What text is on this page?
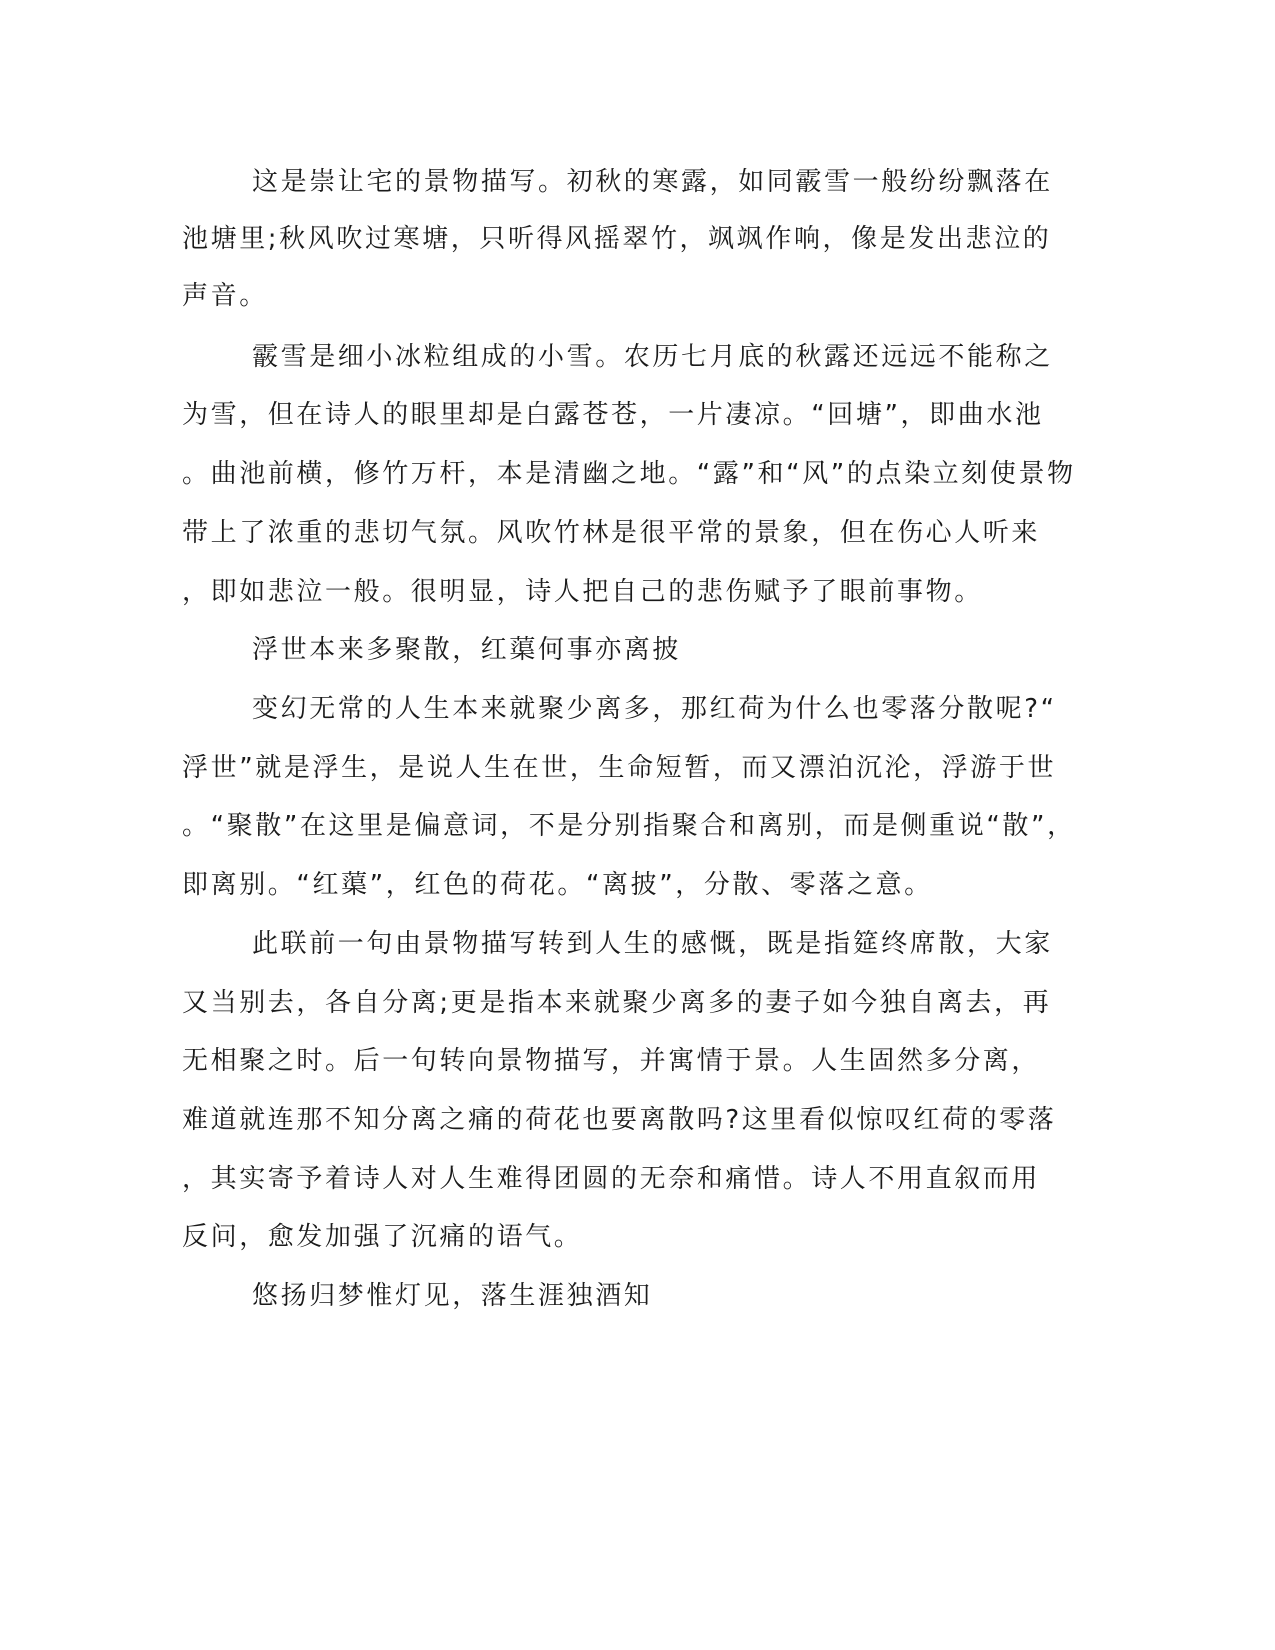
这是崇让宅的景物描写。初秋的寒露，如同霰雪一般纷纷飘落在
池塘里;秋风吹过寒塘，只听得风摇翠竹，飒飒作响，像是发出悲泣的
声音。
霰雪是细小冰粒组成的小雪。农历七月底的秋露还远远不能称之
为雪，但在诗人的眼里却是白露苍苍，一片凄凉。“回塘”，即曲水池
。曲池前横，修竹万杆，本是清幽之地。“露”和“风”的点染立刻使景物
带上了浓重的悲切气氛。风吹竹林是很平常的景象，但在伤心人听来
，即如悲泣一般。很明显，诗人把自己的悲伤赋予了眼前事物。
浮世本来多聚散，红蕖何事亦离披
变幻无常的人生本来就聚少离多，那红荷为什么也零落分散呢?“
浮世”就是浮生，是说人生在世，生命短暂，而又漂泊沉沦，浮游于世
。“聚散”在这里是偏意词，不是分别指聚合和离别，而是侧重说“散”，
即离别。“红蕖”，红色的荷花。“离披”，分散、零落之意。
此联前一句由景物描写转到人生的感慨，既是指筵终席散，大家
又当别去，各自分离;更是指本来就聚少离多的妻子如今独自离去，再
无相聚之时。后一句转向景物描写，并寓情于景。人生固然多分离，
难道就连那不知分离之痛的荷花也要离散吗?这里看似惊叹红荷的零落
，其实寄予着诗人对人生难得团圆的无奈和痛惜。诗人不用直叙而用
反问，愈发加强了沉痛的语气。
悠扬归梦惟灯见，落生涯独酒知
